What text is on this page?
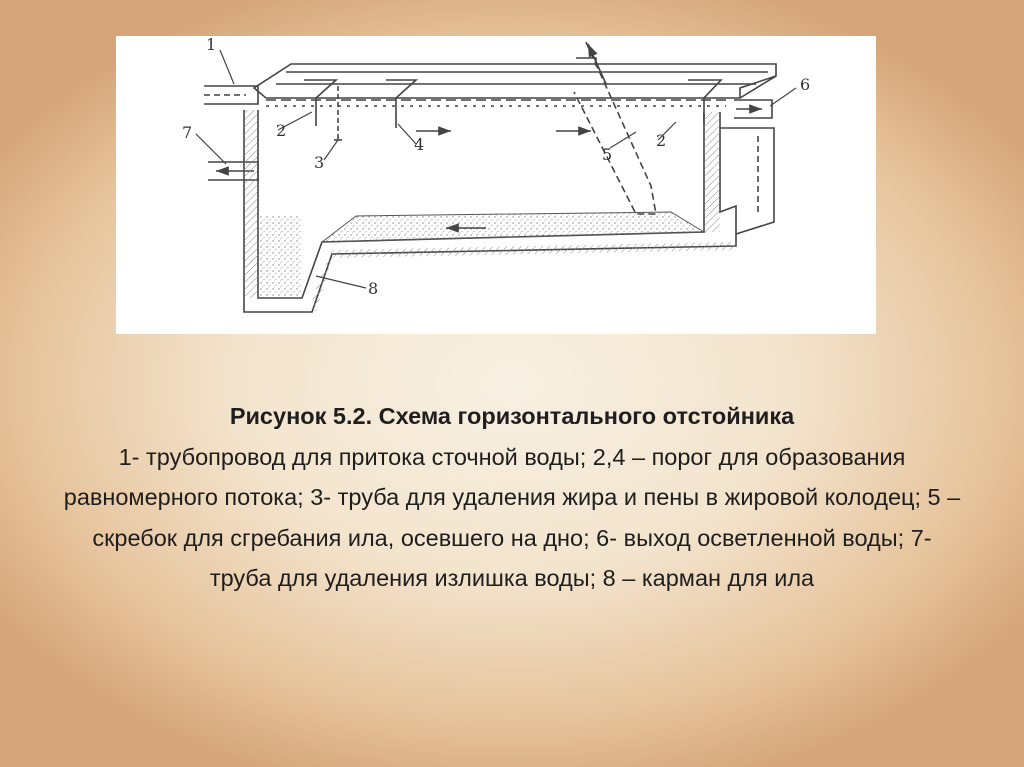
1
2
3
4
5
2
6
7
8
Рисунок 5.2. Схема горизонтального отстойника
1- трубопровод для притока сточной воды; 2,4 – порог для образования равномерного потока; 3- труба для удаления жира и пены в жировой колодец; 5 – скребок для сгребания ила, осевшего на дно; 6- выход осветленной воды; 7- труба для удаления излишка воды; 8 – карман для ила
